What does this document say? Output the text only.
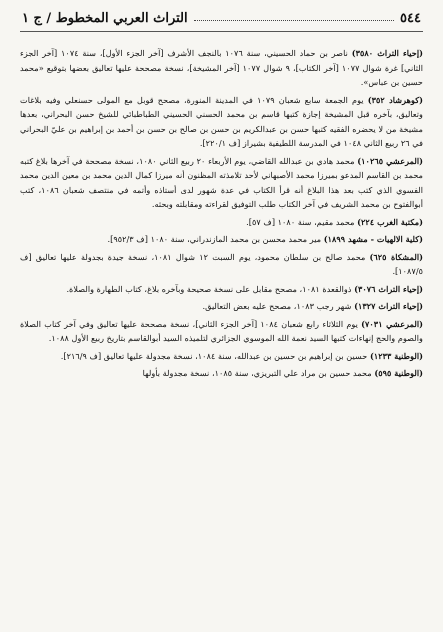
٥٤٤
التراث العربي المخطوط / ج ١

(إحياء التراث ٣٥٨٠) ناصر بن حماد الحسيني، سنة ١٠٧٦ بالنجف الأشرف [آخر الجزء الأول]، سنة ١٠٧٤ [آخر الجزء الثاني] غرة شوال ١٠٧٧ [آخر الكتاب]، ٩ شوال ١٠٧٧ [آخر المشيخة]، نسخة مصححة عليها تعاليق بعضها بتوقيع «محمد حسين بن عباس».

(كوهرشاد ٣٥٢) يوم الجمعة سابع شعبان ١٠٧٩ في المدينة المنورة، مصحح قوبل مع المولى حسنعلي وفيه بلاغات وتعاليق، بآخره قبل المشيخة إجازة كتبها قاسم بن محمد الحسني الحسيني الطباطبائي للشيخ حسن البحراني، بعدها مشيخة من لا يحضره الفقيه كتبها حسن بن عبدالكريم بن حسن بن صالح بن حسن بن أحمد بن إبراهيم بن عليّ البحراني في ٢٦ ربيع الثاني ١٠٤٨ في المدرسة اللطيفية بشيراز [ف ٢٢٠/١].

(المرعشي ١٠٢٦٥) محمد هادي بن عبدالله القاضي، يوم الأربعاء ٢٠ ربيع الثاني ١٠٨٠، نسخة مصححة في آخرها بلاغ كتبه محمد بن القاسم المدعو بميرزا محمد الأصبهاني لأحد تلامذته المظنون أنه ميرزا كمال الدين محمد بن معين الدين محمد الفسوي الذي كتب بعد هذا البلاغ أنه قرأ الكتاب في عدة شهور لدى أستاذه وأتمه في منتصف شعبان ١٠٨٦، كتب أبوالفتوح بن محمد الشريف في آخر الكتاب طلب التوفيق لقراءته ومقابلته وبحثه.

(مكتبة الغرب ٢٢٤) محمد مقيم، سنة ١٠٨٠ [ف ٥٧].

(كلية الالهيات - مشهد ١٨٩٩) مير محمد محسن بن محمد المازندراني، سنة ١٠٨٠ [ف ٩٥٢/٣].

(المشكاة ٦٢٥) محمد صالح بن سلطان محمود، يوم السبت ١٢ شوال ١٠٨١، نسخة جيدة بجدولة عليها تعاليق [ف ١٠٨٧/٥].

(إحياء التراث ٣٠٧٦) ذوالقعدة ١٠٨١، مصحح مقابل على نسخة صحيحة وبآخره بلاغ، كتاب الطهارة والصلاة.

(إحياء التراث ١٣٢٧) شهر رجب ١٠٨٣، مصحح عليه بعض التعاليق.

(المرعشي ٧٠٣١) يوم الثلاثاء رابع شعبان ١٠٨٤ [آخر الجزء الثاني]، نسخة مصححة عليها تعاليق وفي آخر كتاب الصلاة والصوم والحج إنهاءات كتبها السيد نعمة الله الموسوي الجزائري لتلميذه السيد أبوالقاسم بتاريخ ربيع الأول ١٠٨٨.

(الوطنية ١٢٣٣) حسين بن إبراهيم بن حسين بن عبدالله، سنة ١٠٨٤، نسخة مجدولة عليها تعاليق [ف ٢١٦/٩].

(الوطنية ٥٩٥) محمد حسين بن مراد علي التبريزي، سنة ١٠٨٥، نسخة مجدولة بأولها
